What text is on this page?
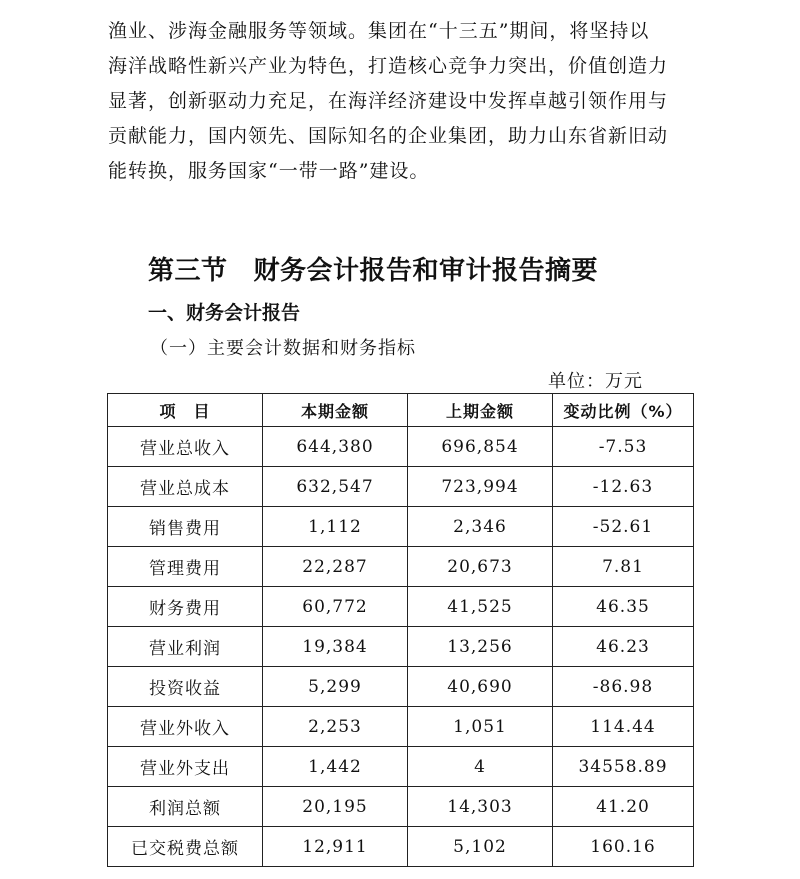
渔业、涉海金融服务等领域。集团在“十三五”期间，将坚持以
海洋战略性新兴产业为特色，打造核心竞争力突出，价值创造力
显著，创新驱动力充足，在海洋经济建设中发挥卓越引领作用与
贡献能力，国内领先、国际知名的企业集团，助力山东省新旧动
能转换，服务国家“一带一路”建设。
第三节 财务会计报告和审计报告摘要
一、财务会计报告
（一）主要会计数据和财务指标
单位：万元
项　目	本期金额	上期金额	变动比例（%）
营业总收入	644,380	696,854	-7.53
营业总成本	632,547	723,994	-12.63
销售费用	1,112	2,346	-52.61
管理费用	22,287	20,673	7.81
财务费用	60,772	41,525	46.35
营业利润	19,384	13,256	46.23
投资收益	5,299	40,690	-86.98
营业外收入	2,253	1,051	114.44
营业外支出	1,442	4	34558.89
利润总额	20,195	14,303	41.20
已交税费总额	12,911	5,102	160.16
